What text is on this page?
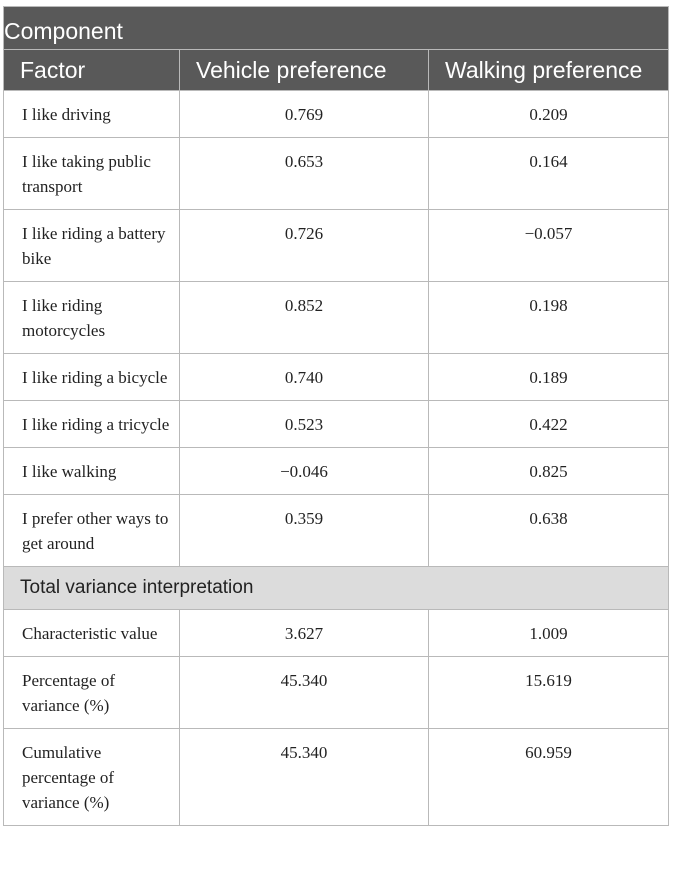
Component		

Factor	Vehicle preference	Walking preference
I like driving	0.769	0.209
I like taking public transport	0.653	0.164
I like riding a battery bike	0.726	−0.057
I like riding motorcycles	0.852	0.198
I like riding a bicycle	0.740	0.189
I like riding a tricycle	0.523	0.422
I like walking	−0.046	0.825
I prefer other ways to get around	0.359	0.638
Total variance interpretation		
Characteristic value	3.627	1.009
Percentage of variance (%)	45.340	15.619
Cumulative percentage of variance (%)	45.340	60.959
